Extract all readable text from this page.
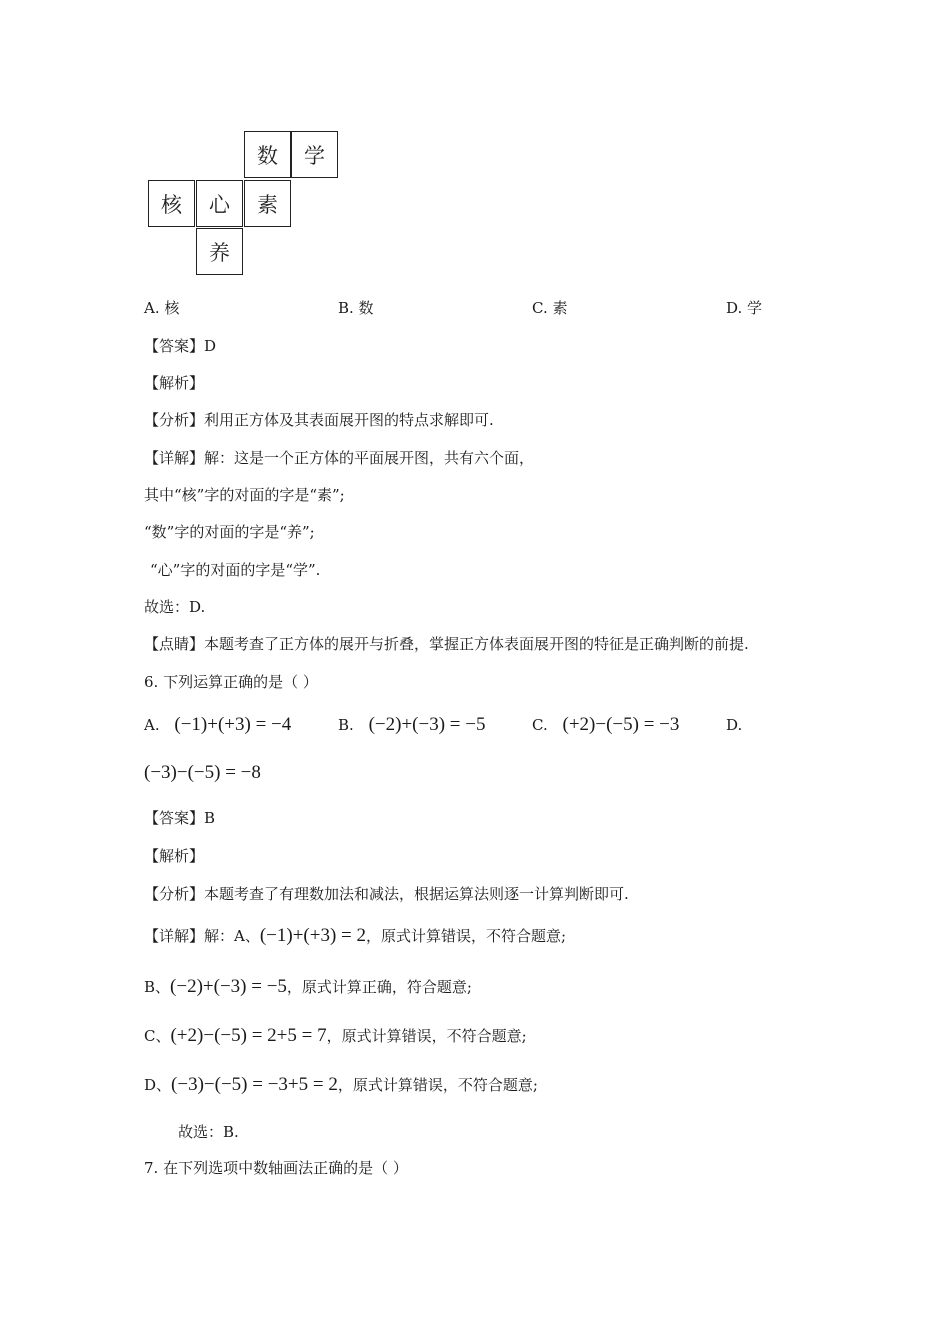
数	学
核	心	素
养
A. 核	B. 数	C. 素	D. 学
【答案】D
【解析】
【分析】利用正方体及其表面展开图的特点求解即可.
【详解】解：这是一个正方体的平面展开图，共有六个面，
其中“核”字的对面的字是“素”;
“数”字的对面的字是“养”;
“心”字的对面的字是“学”.
故选：D.
【点睛】本题考查了正方体的展开与折叠，掌握正方体表面展开图的特征是正确判断的前提.
6. 下列运算正确的是（ ）
A. (−1)+(+3) = −4	B. (−2)+(−3) = −5	C. (+2)−(−5) = −3	D.
(−3)−(−5) = −8
【答案】B
【解析】
【分析】本题考查了有理数加法和减法，根据运算法则逐一计算判断即可.
【详解】解：A、(−1)+(+3) = 2，原式计算错误，不符合题意;
B、(−2)+(−3) = −5，原式计算正确，符合题意;
C、(+2)−(−5) = 2+5 = 7，原式计算错误，不符合题意;
D、(−3)−(−5) = −3+5 = 2，原式计算错误，不符合题意;
故选：B.
7. 在下列选项中数轴画法正确的是（ ）
